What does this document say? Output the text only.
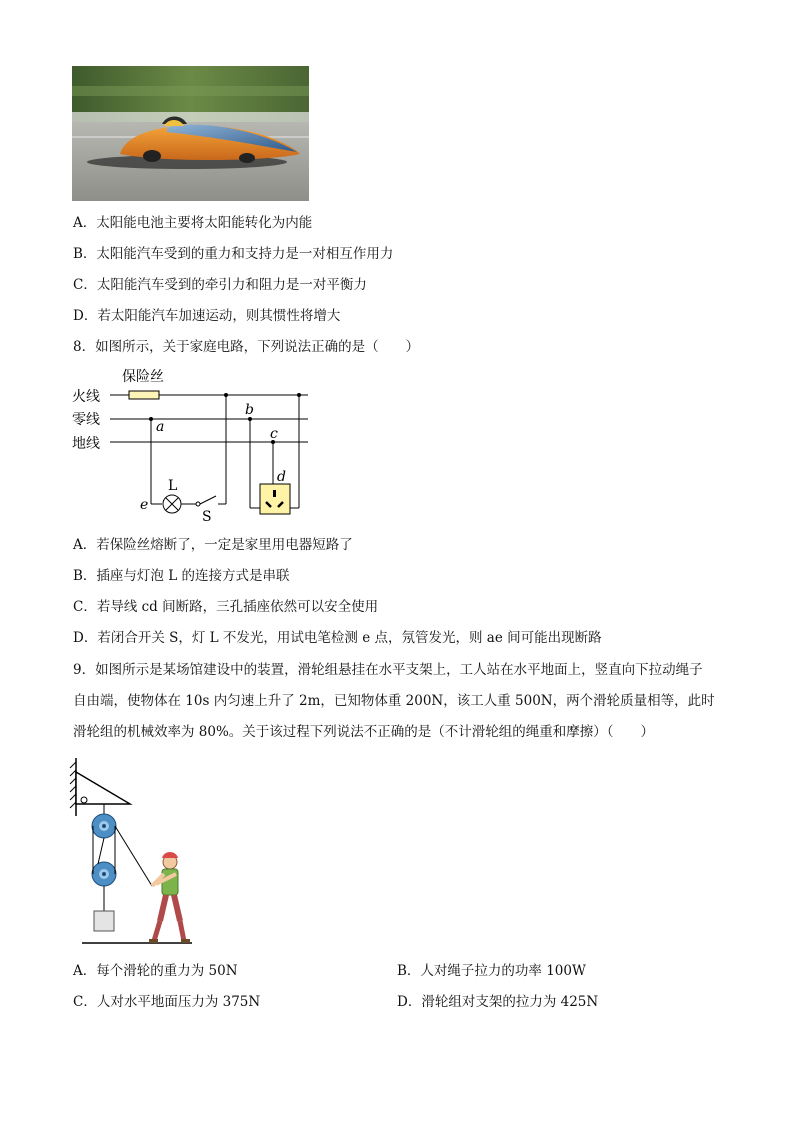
A．太阳能电池主要将太阳能转化为内能
B．太阳能汽车受到的重力和支持力是一对相互作用力
C．太阳能汽车受到的牵引力和阻力是一对平衡力
D．若太阳能汽车加速运动，则其惯性将增大
8．如图所示，关于家庭电路，下列说法正确的是（　　）
火线
零线
地线
保险丝
a
e
L
S
b
c
d
A．若保险丝熔断了，一定是家里用电器短路了
B．插座与灯泡 L 的连接方式是串联
C．若导线 cd 间断路，三孔插座依然可以安全使用
D．若闭合开关 S，灯 L 不发光，用试电笔检测 e 点，氖管发光，则 ae 间可能出现断路
9．如图所示是某场馆建设中的装置，滑轮组悬挂在水平支架上，工人站在水平地面上，竖直向下拉动绳子
自由端，使物体在 10s 内匀速上升了 2m，已知物体重 200N，该工人重 500N，两个滑轮质量相等，此时
滑轮组的机械效率为 80%。关于该过程下列说法不正确的是（不计滑轮组的绳重和摩擦）（　　）
A．每个滑轮的重力为 50N	B．人对绳子拉力的功率 100W
C．人对水平地面压力为 375N	D．滑轮组对支架的拉力为 425N
